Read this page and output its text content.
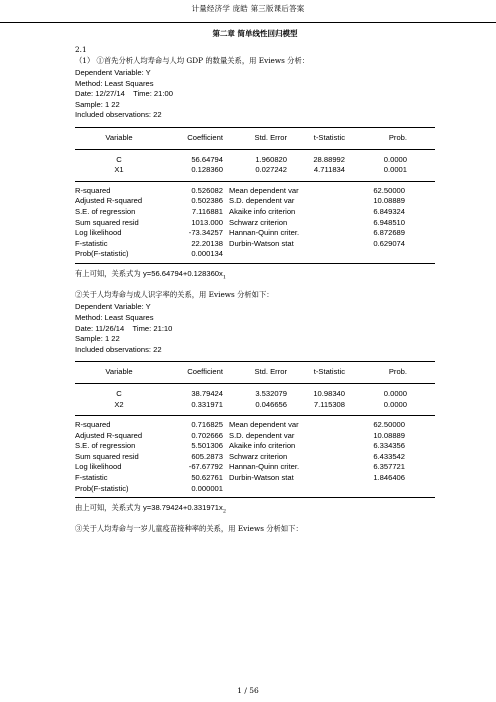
计量经济学 庞皓 第三版课后答案
第二章 简单线性回归模型
2.1
（1） ①首先分析人均寿命与人均 GDP 的数量关系，用 Eviews 分析：
Dependent Variable: Y
Method: Least Squares
Date: 12/27/14    Time: 21:00
Sample: 1 22
Included observations: 22
Variable	Coefficient	Std. Error	t-Statistic	Prob.
C	56.64794	1.960820	28.88992	0.0000
X1	0.128360	0.027242	4.711834	0.0001
R-squared	0.526082 Mean dependent var	62.50000
Adjusted R-squared	0.502386 S.D. dependent var	10.08889
S.E. of regression	7.116881 Akaike info criterion	6.849324
Sum squared resid	1013.000 Schwarz criterion	6.948510
Log likelihood	-73.34257 Hannan-Quinn criter.	6.872689
F-statistic	22.20138 Durbin-Watson stat	0.629074
Prob(F-statistic)	0.000134
有上可知，关系式为 $y=56.64794+0.128360x_1$
②关于人均寿命与成人识字率的关系，用 Eviews 分析如下：
Dependent Variable: Y
Method: Least Squares
Date: 11/26/14    Time: 21:10
Sample: 1 22
Included observations: 22
Variable	Coefficient	Std. Error	t-Statistic	Prob.
C	38.79424	3.532079	10.98340	0.0000
X2	0.331971	0.046656	7.115308	0.0000
R-squared	0.716825 Mean dependent var	62.50000
Adjusted R-squared	0.702666 S.D. dependent var	10.08889
S.E. of regression	5.501306 Akaike info criterion	6.334356
Sum squared resid	605.2873 Schwarz criterion	6.433542
Log likelihood	-67.67792 Hannan-Quinn criter.	6.357721
F-statistic	50.62761 Durbin-Watson stat	1.846406
Prob(F-statistic)	0.000001
由上可知，关系式为 $y=38.79424+0.331971x_2$
③关于人均寿命与一岁儿童疫苗接种率的关系，用 Eviews 分析如下：
1 / 56
